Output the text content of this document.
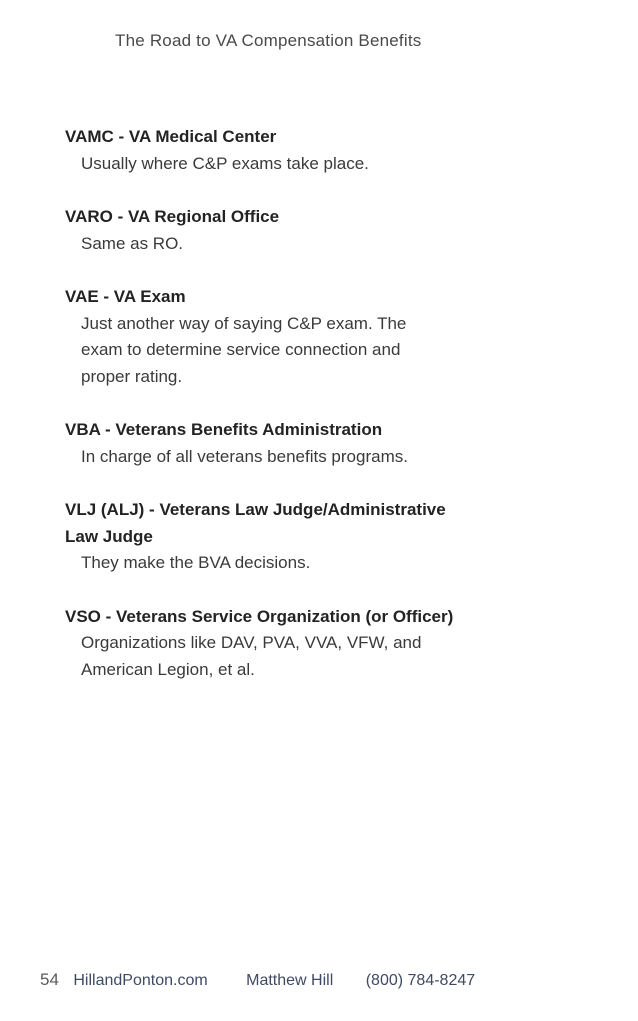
The Road to VA Compensation Benefits
VAMC - VA Medical Center
Usually where C&P exams take place.
VARO - VA Regional Office
Same as RO.
VAE - VA Exam
Just another way of saying C&P exam. The
exam to determine service connection and
proper rating.
VBA - Veterans Benefits Administration
In charge of all veterans benefits programs.
VLJ (ALJ) - Veterans Law Judge/Administrative
Law Judge
They make the BVA decisions.
VSO - Veterans Service Organization (or Officer)
Organizations like DAV, PVA, VVA, VFW, and
American Legion, et al.
54 HillandPonton.com Matthew Hill (800) 784-8247
